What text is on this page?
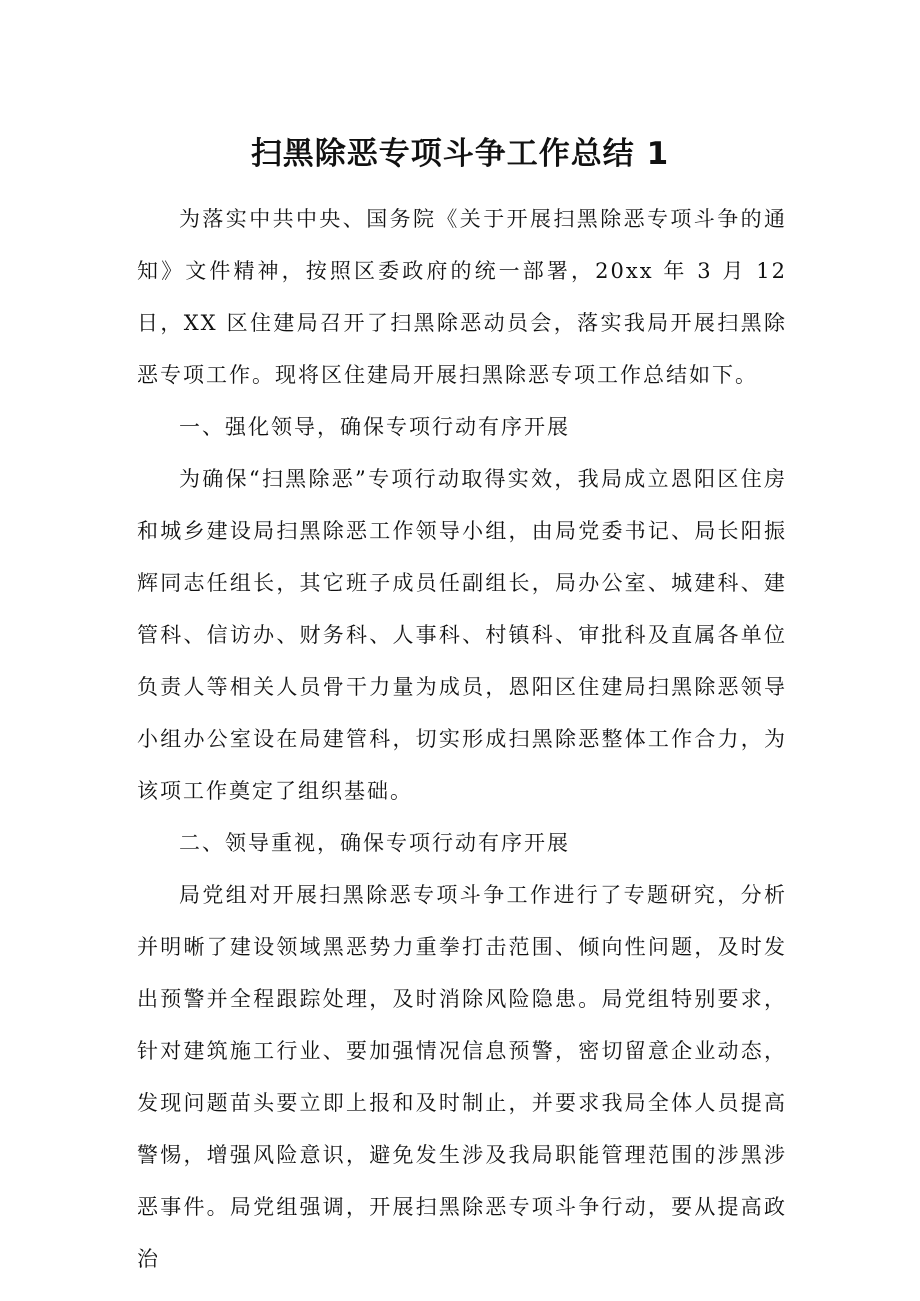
扫黑除恶专项斗争工作总结 1

为落实中共中央、国务院《关于开展扫黑除恶专项斗争的通知》文件精神，按照区委政府的统一部署，20xx 年 3 月 12 日，XX 区住建局召开了扫黑除恶动员会，落实我局开展扫黑除恶专项工作。现将区住建局开展扫黑除恶专项工作总结如下。

一、强化领导，确保专项行动有序开展

为确保“扫黑除恶”专项行动取得实效，我局成立恩阳区住房和城乡建设局扫黑除恶工作领导小组，由局党委书记、局长阳振辉同志任组长，其它班子成员任副组长，局办公室、城建科、建管科、信访办、财务科、人事科、村镇科、审批科及直属各单位负责人等相关人员骨干力量为成员，恩阳区住建局扫黑除恶领导小组办公室设在局建管科，切实形成扫黑除恶整体工作合力，为该项工作奠定了组织基础。

二、领导重视，确保专项行动有序开展

局党组对开展扫黑除恶专项斗争工作进行了专题研究，分析并明晰了建设领域黑恶势力重拳打击范围、倾向性问题，及时发出预警并全程跟踪处理，及时消除风险隐患。局党组特别要求，针对建筑施工行业、要加强情况信息预警，密切留意企业动态，发现问题苗头要立即上报和及时制止，并要求我局全体人员提高警惕，增强风险意识，避免发生涉及我局职能管理范围的涉黑涉恶事件。局党组强调，开展扫黑除恶专项斗争行动，要从提高政治
